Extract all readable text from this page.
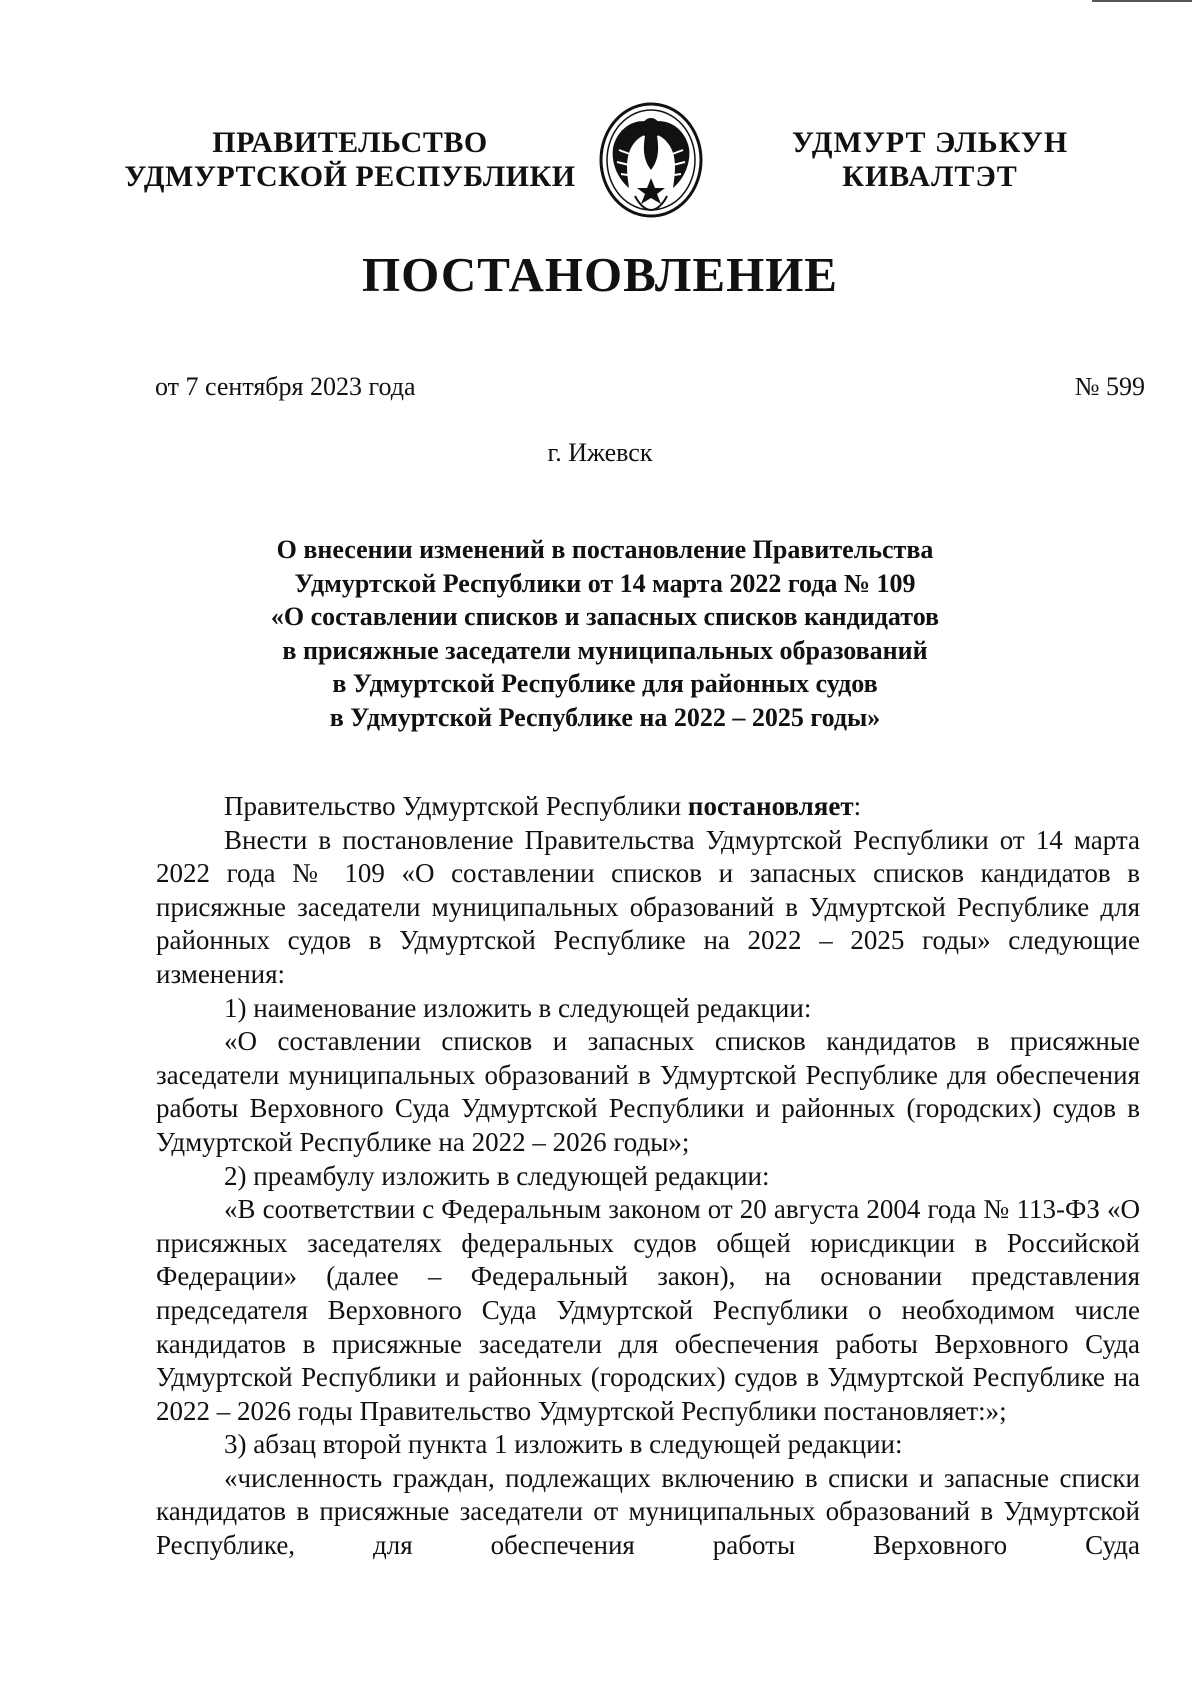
ПРАВИТЕЛЬСТВО
УДМУРТСКОЙ РЕСПУБЛИКИ
УДМУРТ ЭЛЬКУН
КИВАЛТЭТ
ПОСТАНОВЛЕНИЕ
от 7 сентября 2023 года	№ 599
г. Ижевск
О внесении изменений в постановление Правительства
Удмуртской Республики от 14 марта 2022 года № 109
«О составлении списков и запасных списков кандидатов
в присяжные заседатели муниципальных образований
в Удмуртской Республике для районных судов
в Удмуртской Республике на 2022 – 2025 годы»

Правительство Удмуртской Республики постановляет:

Внести в постановление Правительства Удмуртской Республики от 14 марта 2022 года № 109 «О составлении списков и запасных списков кандидатов в присяжные заседатели муниципальных образований в Удмуртской Республике для районных судов в Удмуртской Республике на 2022 – 2025 годы» следующие изменения:

1) наименование изложить в следующей редакции:

«О составлении списков и запасных списков кандидатов в присяжные заседатели муниципальных образований в Удмуртской Республике для обеспечения работы Верховного Суда Удмуртской Республики и районных (городских) судов в Удмуртской Республике на 2022 – 2026 годы»;

2) преамбулу изложить в следующей редакции:

«В соответствии с Федеральным законом от 20 августа 2004 года № 113-ФЗ «О присяжных заседателях федеральных судов общей юрисдикции в Российской Федерации» (далее – Федеральный закон), на основании представления председателя Верховного Суда Удмуртской Республики о необходимом числе кандидатов в присяжные заседатели для обеспечения работы Верховного Суда Удмуртской Республики и районных (городских) судов в Удмуртской Республике на 2022 – 2026 годы Правительство Удмуртской Республики постановляет:»;

3) абзац второй пункта 1 изложить в следующей редакции:

«численность граждан, подлежащих включению в списки и запасные списки кандидатов в присяжные заседатели от муниципальных образований в Удмуртской Республике, для обеспечения работы Верховного Суда
